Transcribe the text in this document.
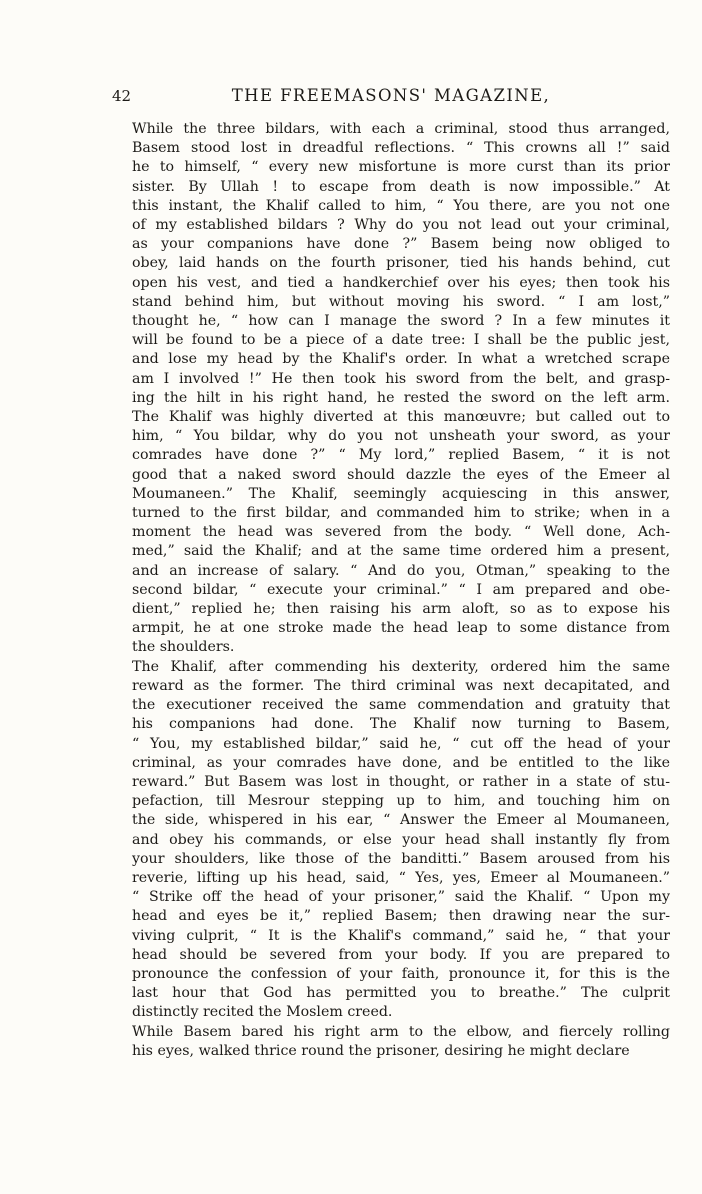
42	THE FREEMASONS' MAGAZINE,

While the three bildars, with each a criminal, stood thus arranged,
Basem stood lost in dreadful reflections. “ This crowns all !” said
he to himself, “ every new misfortune is more curst than its prior
sister. By Ullah ! to escape from death is now impossible.” At
this instant, the Khalif called to him, “ You there, are you not one
of my established bildars ? Why do you not lead out your criminal,
as your companions have done ?” Basem being now obliged to
obey, laid hands on the fourth prisoner, tied his hands behind, cut
open his vest, and tied a handkerchief over his eyes; then took his
stand behind him, but without moving his sword. “ I am lost,”
thought he, “ how can I manage the sword ? In a few minutes it
will be found to be a piece of a date tree: I shall be the public jest,
and lose my head by the Khalif's order. In what a wretched scrape
am I involved !” He then took his sword from the belt, and grasp-
ing the hilt in his right hand, he rested the sword on the left arm.
The Khalif was highly diverted at this manœuvre; but called out to
him, “ You bildar, why do you not unsheath your sword, as your
comrades have done ?” “ My lord,” replied Basem, “ it is not
good that a naked sword should dazzle the eyes of the Emeer al
Moumaneen.” The Khalif, seemingly acquiescing in this answer,
turned to the first bildar, and commanded him to strike; when in a
moment the head was severed from the body. “ Well done, Ach-
med,” said the Khalif; and at the same time ordered him a present,
and an increase of salary. “ And do you, Otman,” speaking to the
second bildar, “ execute your criminal.” “ I am prepared and obe-
dient,” replied he; then raising his arm aloft, so as to expose his
armpit, he at one stroke made the head leap to some distance from
the shoulders.

The Khalif, after commending his dexterity, ordered him the same
reward as the former. The third criminal was next decapitated, and
the executioner received the same commendation and gratuity that
his companions had done. The Khalif now turning to Basem,
“ You, my established bildar,” said he, “ cut off the head of your
criminal, as your comrades have done, and be entitled to the like
reward.” But Basem was lost in thought, or rather in a state of stu-
pefaction, till Mesrour stepping up to him, and touching him on
the side, whispered in his ear, “ Answer the Emeer al Moumaneen,
and obey his commands, or else your head shall instantly fly from
your shoulders, like those of the banditti.” Basem aroused from his
reverie, lifting up his head, said, “ Yes, yes, Emeer al Moumaneen.”
“ Strike off the head of your prisoner,” said the Khalif. “ Upon my
head and eyes be it,” replied Basem; then drawing near the sur-
viving culprit, “ It is the Khalif's command,” said he, “ that your
head should be severed from your body. If you are prepared to
pronounce the confession of your faith, pronounce it, for this is the
last hour that God has permitted you to breathe.” The culprit
distinctly recited the Moslem creed.

While Basem bared his right arm to the elbow, and fiercely rolling
his eyes, walked thrice round the prisoner, desiring he might declare
